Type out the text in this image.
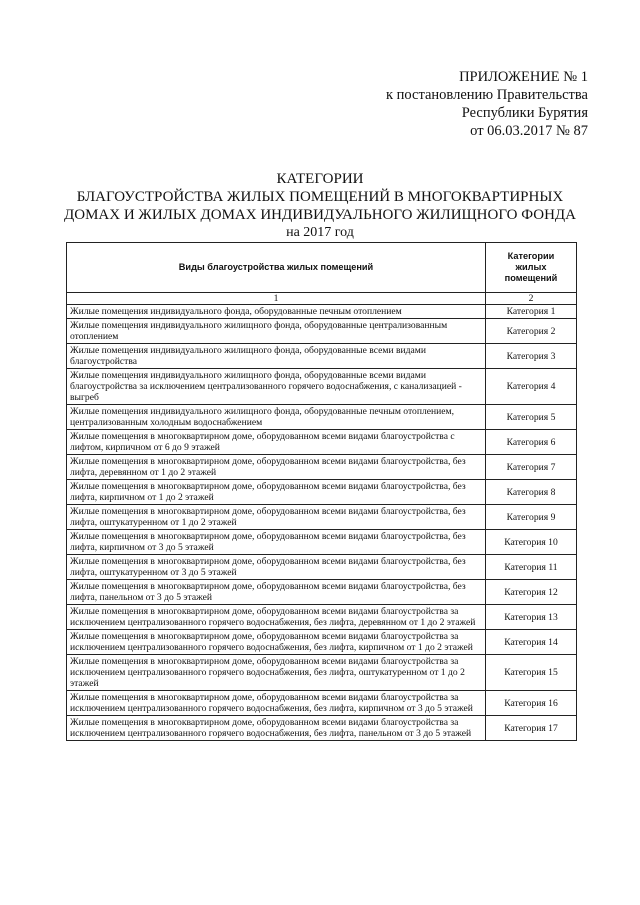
ПРИЛОЖЕНИЕ № 1
к постановлению Правительства
Республики Бурятия
от 06.03.2017 № 87
КАТЕГОРИИ
БЛАГОУСТРОЙСТВА ЖИЛЫХ ПОМЕЩЕНИЙ В МНОГОКВАРТИРНЫХ
ДОМАХ И ЖИЛЫХ ДОМАХ ИНДИВИДУАЛЬНОГО ЖИЛИЩНОГО ФОНДА
на 2017 год
Виды благоустройства жилых помещений	Категории
жилых
помещений
1	2
Жилые помещения индивидуального фонда, оборудованные печным отоплением	Категория 1
Жилые помещения индивидуального жилищного фонда, оборудованные централизованным отоплением	Категория 2
Жилые помещения индивидуального жилищного фонда, оборудованные всеми видами благоустройства	Категория 3
Жилые помещения индивидуального жилищного фонда, оборудованные всеми видами благоустройства за исключением централизованного горячего водоснабжения, с канализацией - выгреб	Категория 4
Жилые помещения индивидуального жилищного фонда, оборудованные печным отоплением, централизованным холодным водоснабжением	Категория 5
Жилые помещения в многоквартирном доме, оборудованном всеми видами благоустройства с лифтом, кирпичном от 6 до 9 этажей	Категория 6
Жилые помещения в многоквартирном доме, оборудованном всеми видами благоустройства, без лифта, деревянном от 1 до 2 этажей	Категория 7
Жилые помещения в многоквартирном доме, оборудованном всеми видами благоустройства, без лифта, кирпичном от 1 до 2 этажей	Категория 8
Жилые помещения в многоквартирном доме, оборудованном всеми видами благоустройства, без лифта, оштукатуренном от 1 до 2 этажей	Категория 9
Жилые помещения в многоквартирном доме, оборудованном всеми видами благоустройства, без лифта, кирпичном от 3 до 5 этажей	Категория 10
Жилые помещения в многоквартирном доме, оборудованном всеми видами благоустройства, без лифта, оштукатуренном от 3 до 5 этажей	Категория 11
Жилые помещения в многоквартирном доме, оборудованном всеми видами благоустройства, без лифта, панельном от 3 до 5 этажей	Категория 12
Жилые помещения в многоквартирном доме, оборудованном всеми видами благоустройства за исключением централизованного горячего водоснабжения, без лифта, деревянном от 1 до 2 этажей	Категория 13
Жилые помещения в многоквартирном доме, оборудованном всеми видами благоустройства за исключением централизованного горячего водоснабжения, без лифта, кирпичном от 1 до 2 этажей	Категория 14
Жилые помещения в многоквартирном доме, оборудованном всеми видами благоустройства за исключением централизованного горячего водоснабжения, без лифта, оштукатуренном от 1 до 2 этажей	Категория 15
Жилые помещения в многоквартирном доме, оборудованном всеми видами благоустройства за исключением централизованного горячего водоснабжения, без лифта, кирпичном от 3 до 5 этажей	Категория 16
Жилые помещения в многоквартирном доме, оборудованном всеми видами благоустройства за исключением централизованного горячего водоснабжения, без лифта, панельном от 3 до 5 этажей	Категория 17
